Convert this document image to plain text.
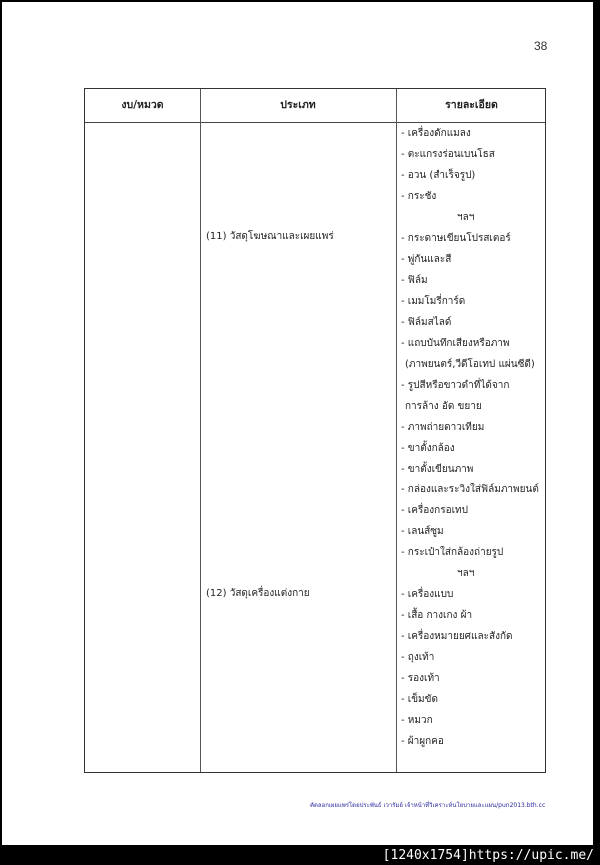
38
งบ/หมวด	ประเภท	รายละเอียด
(11) วัสดุโฆษณาและเผยแพร่
(12) วัสดุเครื่องแต่งกาย
- เครื่องดักแมลง
- ตะแกรงร่อนเบนโธส
- อวน (สำเร็จรูป)
- กระชัง
ฯลฯ
- กระดาษเขียนโปรสเตอร์
- พู่กันและสี
- ฟิล์ม
- เมมโมรี่การ์ด
- ฟิล์มสไลด์
- แถบบันทึกเสียงหรือภาพ
(ภาพยนตร์,วีดีโอเทป แผ่นซีดี)
- รูปสีหรือขาวดำที่ได้จาก
การล้าง อัด ขยาย
- ภาพถ่ายดาวเทียม
- ขาตั้งกล้อง
- ขาตั้งเขียนภาพ
- กล่องและระวิงใส่ฟิล์มภาพยนต์
- เครื่องกรอเทป
- เลนส์ซูม
- กระเป๋าใส่กล้องถ่ายรูป
ฯลฯ
- เครื่องแบบ
- เสื้อ กางเกง ผ้า
- เครื่องหมายยศและสังกัด
- ถุงเท้า
- รองเท้า
- เข็มขัด
- หมวก
- ผ้าผูกคอ
คัดลอกเผยแพร่โดยประพันธ์ เวารัมย์ เจ้าหน้าที่วิเคราะห์นโยบายและแผน/pun2013.bth.cc
[1240x1754]https://upic.me/
